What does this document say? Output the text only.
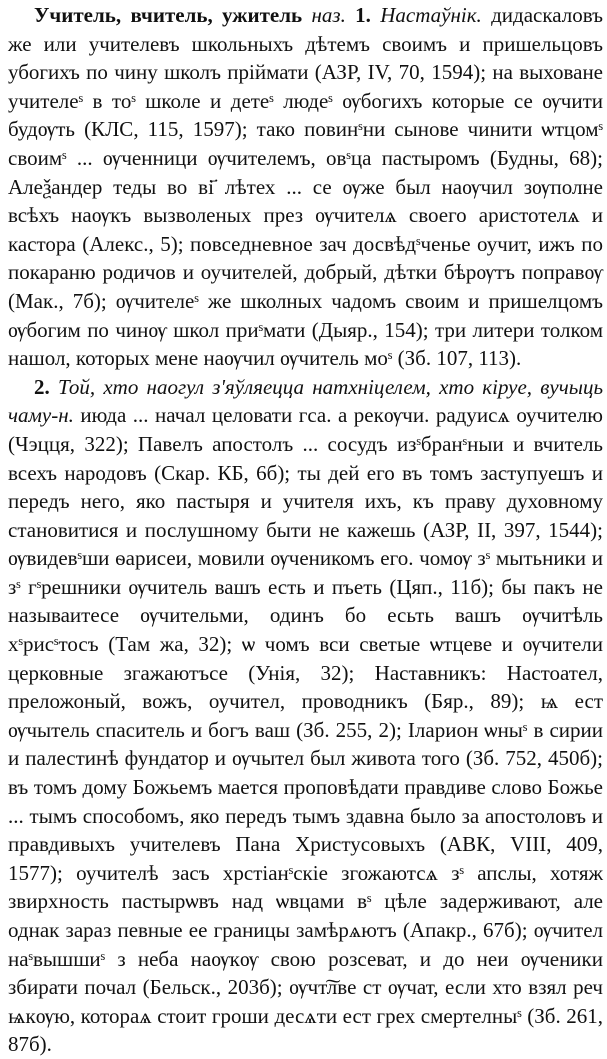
Учитель, вчитель, ужитель наз. 1. Настаўнік. дидаскаловъ же или учителевъ школьныхъ дѣтемъ своимъ и пришельцовъ убогихъ по чину школъ пріймати (АЗР, IV, 70, 1594); на выховане учителеˢ в тоˢ школе и детеˢ людеˢ ѹбогихъ которые се ѹчити будѹть (КЛС, 115, 1597); тако повинˢни сынове чинити ѡтцомˢ своимˢ ... ѹченници ѹчителемъ, овˢца пастыромъ (Будны, 68); Алеѯандер теды во ві҃ лѣтех ... се ѹже был наѹчил зѹполне всѣхъ наѹкъ вызволеных през ѹчителѧ своего аристотелѧ и кастора (Алекс., 5); повседневное зач досвѣдˢченье оучит, ижъ по покараню родичов и оучителей, добрый, дѣтки бѣрѹтъ поправѹ (Мак., 7б); ѹчителеˢ же школных чадомъ своим и пришелцомъ ѹбогим по чинѹ школ приˢмати (Дыяр., 154); три литери толком нашол, которых мене наѹчил ѹчитель моˢ (Зб. 107, 113).

2. Той, хто наогул з'яўляецца натхніцелем, хто кіруе, вучыць чаму-н. июда ... начал целовати гса. а рекѹчи. радуисѧ оучителю (Чэцця, 322); Павелъ апостолъ ... сосудъ изˢбранˢныи и вчитель всехъ народовъ (Скар. КБ, 6б); ты дей его въ томъ заступуешъ и передъ него, яко пастыря и учителя ихъ, къ праву духовному становитися и послушному быти не кажешь (АЗР, II, 397, 1544); ѹвидевˢши ѳарисеи, мовили ѹченикомъ его. чомѹ зˢ мытьники и зˢ гˢрешники ѹчитель вашъ есть и пъеть (Цяп., 11б); бы пакъ не называитесе ѹчительми, одинъ бо есьть вашъ ѹчитѣль хˢрисˢтосъ (Там жа, 32); ѡ чомъ вси светые ѡтцеве и ѹчители церковные згажаютъсе (Унія, 32); Наставникъ: Настоател, преложоный, вожъ, оучител, проводникъ (Бяр., 89); ѩ ест ѹчытель спаситель и богъ ваш (Зб. 255, 2); Іларион ѡныˢ в сирии и палестинѣ фундатор и ѹчытел был живота того (Зб. 752, 450б); въ томъ дому Божьемъ мается проповѣдати правдиве слово Божье ... тымъ способомъ, яко передъ тымъ здавна было за апостоловъ и правдивыхъ учителевъ Пана Христусовыхъ (АВК, VIII, 409, 1577); оучителѣ засъ хрстіанˢскіе згожаютсѧ зˢ апслы, хотяж звирхность пастырѡвъ над ѡвцами вˢ цѣле задерживают, але однак зараз певные ее границы замѣрѧютъ (Апакр., 67б); ѹчител наˢвышшиˢ з неба наѹкѹ свою розсеват, и до неи ѹченики збирати почал (Бельск., 203б); ѹчт͠лве ст ѹчат, если хто взял реч ѩкѹю, котораѧ стоит гроши десѧти ест грех смертелныˢ (Зб. 261, 87б).
